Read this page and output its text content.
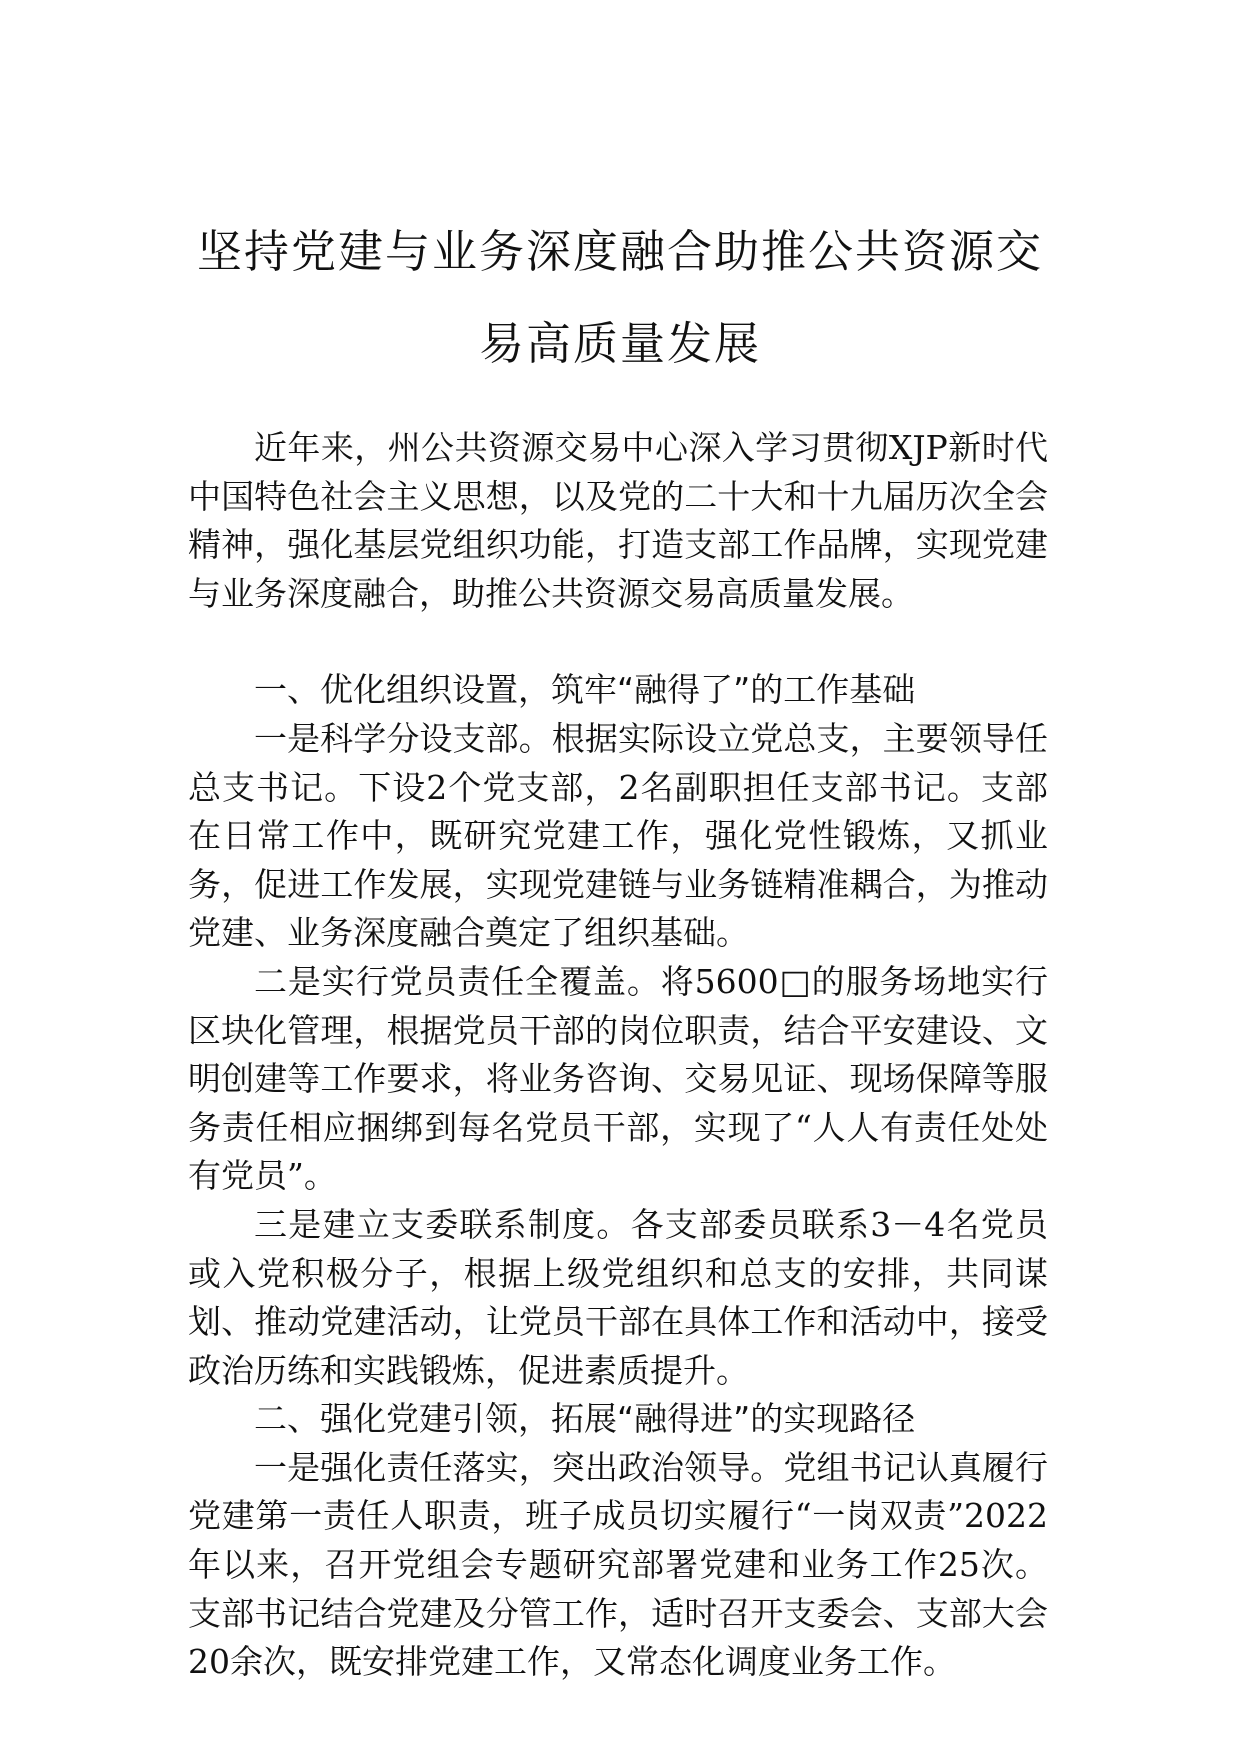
坚持党建与业务深度融合助推公共资源交
易高质量发展

近年来，州公共资源交易中心深入学习贯彻XJP新时代中国特色社会主义思想，以及党的二十大和十九届历次全会精神，强化基层党组织功能，打造支部工作品牌，实现党建与业务深度融合，助推公共资源交易高质量发展。

一、优化组织设置，筑牢“融得了”的工作基础

一是科学分设支部。根据实际设立党总支，主要领导任总支书记。下设2个党支部，2名副职担任支部书记。支部在日常工作中，既研究党建工作，强化党性锻炼，又抓业务，促进工作发展，实现党建链与业务链精准耦合，为推动党建、业务深度融合奠定了组织基础。

二是实行党员责任全覆盖。将5600□的服务场地实行区块化管理，根据党员干部的岗位职责，结合平安建设、文明创建等工作要求，将业务咨询、交易见证、现场保障等服务责任相应捆绑到每名党员干部，实现了“人人有责任处处有党员”。

三是建立支委联系制度。各支部委员联系3－4名党员或入党积极分子，根据上级党组织和总支的安排，共同谋划、推动党建活动，让党员干部在具体工作和活动中，接受政治历练和实践锻炼，促进素质提升。

二、强化党建引领，拓展“融得进”的实现路径

一是强化责任落实，突出政治领导。党组书记认真履行党建第一责任人职责，班子成员切实履行“一岗双责”2022年以来，召开党组会专题研究部署党建和业务工作25次。支部书记结合党建及分管工作，适时召开支委会、支部大会20余次，既安排党建工作，又常态化调度业务工作。
